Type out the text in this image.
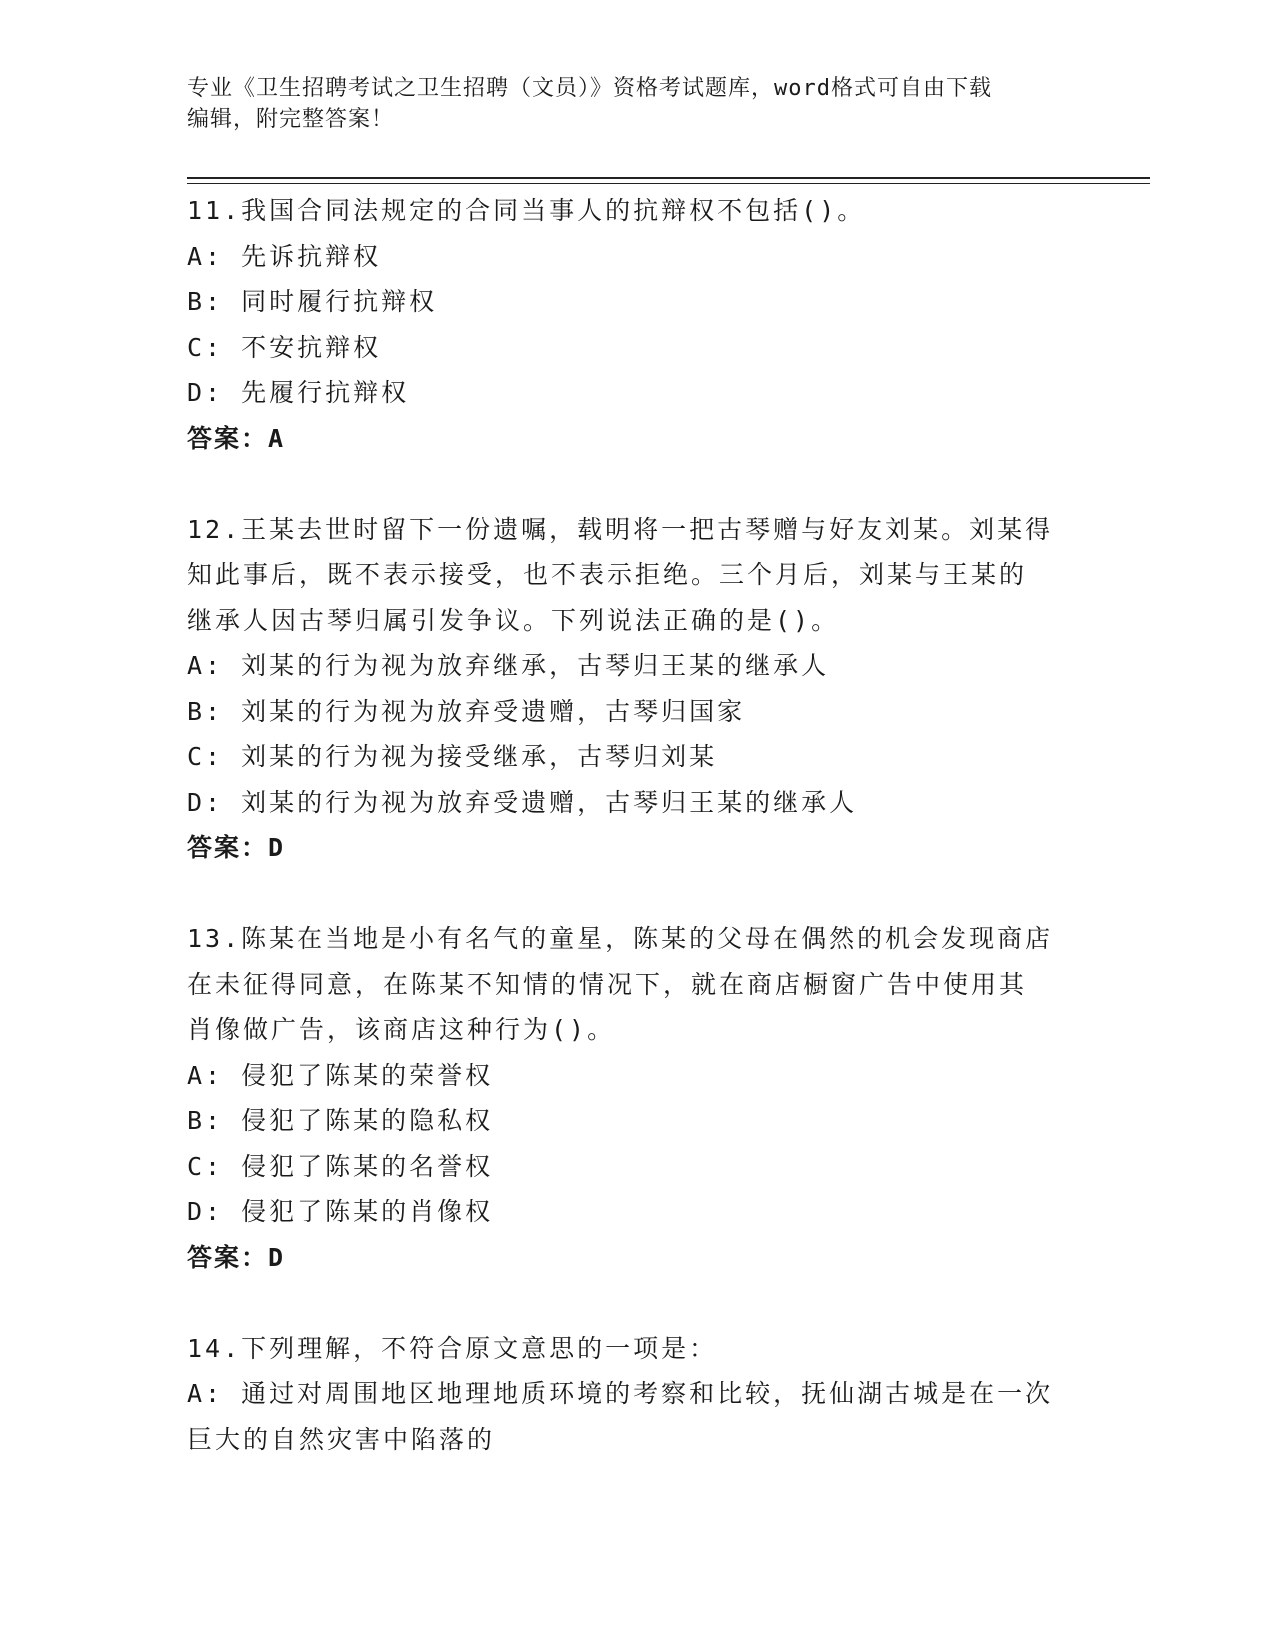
专业《卫生招聘考试之卫生招聘（文员）》资格考试题库，word格式可自由下载
编辑，附完整答案！
11.我国合同法规定的合同当事人的抗辩权不包括()。
A: 先诉抗辩权
B: 同时履行抗辩权
C: 不安抗辩权
D: 先履行抗辩权
答案：A
12.王某去世时留下一份遗嘱，载明将一把古琴赠与好友刘某。刘某得
知此事后，既不表示接受，也不表示拒绝。三个月后，刘某与王某的
继承人因古琴归属引发争议。下列说法正确的是()。
A: 刘某的行为视为放弃继承，古琴归王某的继承人
B: 刘某的行为视为放弃受遗赠，古琴归国家
C: 刘某的行为视为接受继承，古琴归刘某
D: 刘某的行为视为放弃受遗赠，古琴归王某的继承人
答案：D
13.陈某在当地是小有名气的童星，陈某的父母在偶然的机会发现商店
在未征得同意，在陈某不知情的情况下，就在商店橱窗广告中使用其
肖像做广告，该商店这种行为()。
A: 侵犯了陈某的荣誉权
B: 侵犯了陈某的隐私权
C: 侵犯了陈某的名誉权
D: 侵犯了陈某的肖像权
答案：D
14.下列理解，不符合原文意思的一项是：
A: 通过对周围地区地理地质环境的考察和比较，抚仙湖古城是在一次
巨大的自然灾害中陷落的
